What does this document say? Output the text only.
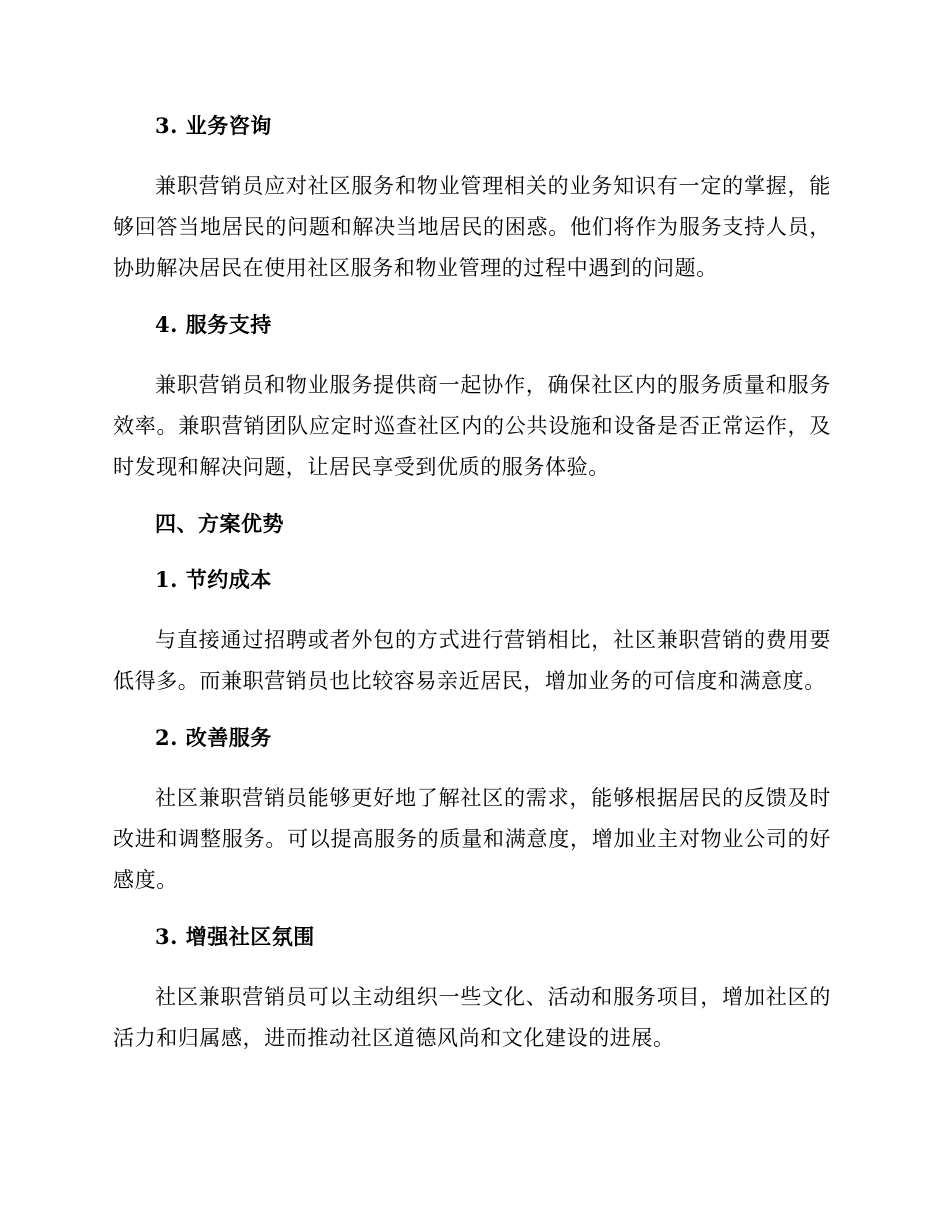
3. 业务咨询

兼职营销员应对社区服务和物业管理相关的业务知识有一定的掌握，能够回答当地居民的问题和解决当地居民的困惑。他们将作为服务支持人员，协助解决居民在使用社区服务和物业管理的过程中遇到的问题。

4. 服务支持

兼职营销员和物业服务提供商一起协作，确保社区内的服务质量和服务效率。兼职营销团队应定时巡查社区内的公共设施和设备是否正常运作，及时发现和解决问题，让居民享受到优质的服务体验。

四、方案优势
1. 节约成本

与直接通过招聘或者外包的方式进行营销相比，社区兼职营销的费用要低得多。而兼职营销员也比较容易亲近居民，增加业务的可信度和满意度。

2. 改善服务

社区兼职营销员能够更好地了解社区的需求，能够根据居民的反馈及时改进和调整服务。可以提高服务的质量和满意度，增加业主对物业公司的好感度。

3. 增强社区氛围

社区兼职营销员可以主动组织一些文化、活动和服务项目，增加社区的活力和归属感，进而推动社区道德风尚和文化建设的进展。
